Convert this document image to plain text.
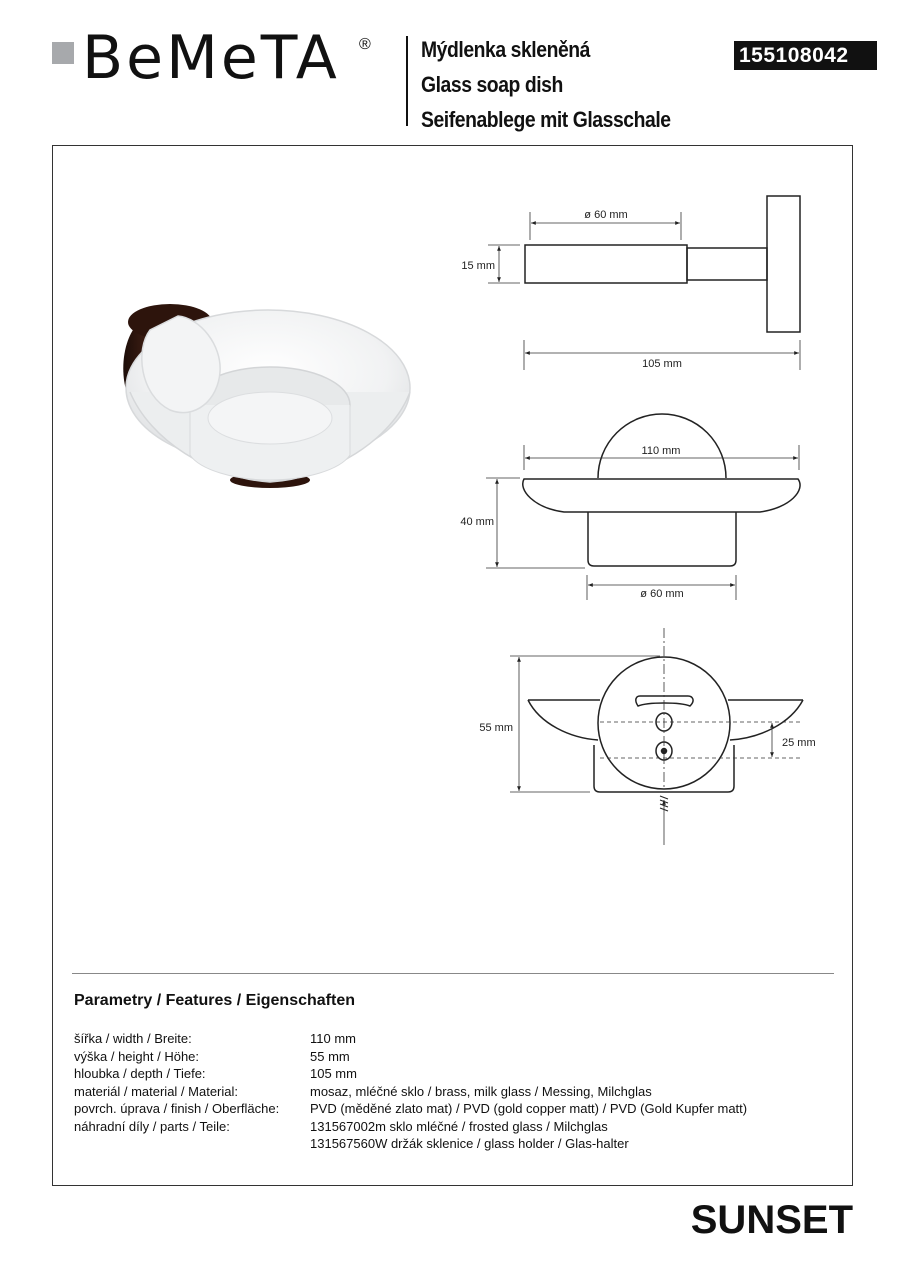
BeMeTA ® Mýdlenka skleněná
Glass soap dish
Seifenablege mit Glasschale
155108042
ø 60 mm
15 mm
105 mm
110 mm
40 mm
ø 60 mm
55 mm
25 mm
Parametry / Features / Eigenschaften
šířka / width / Breite:	110 mm
výška / height / Höhe:	55 mm
hloubka / depth / Tiefe:	105 mm
materiál / material / Material:	mosaz, mléčné sklo / brass, milk glass / Messing, Milchglas
povrch. úprava / finish / Oberfläche: PVD (měděné zlato mat) / PVD (gold copper matt) / PVD (Gold Kupfer matt)
náhradní díly / parts / Teile:	131567002m sklo mléčné / frosted glass / Milchglas
131567560W držák sklenice / glass holder / Glas-halter
SUNSET
